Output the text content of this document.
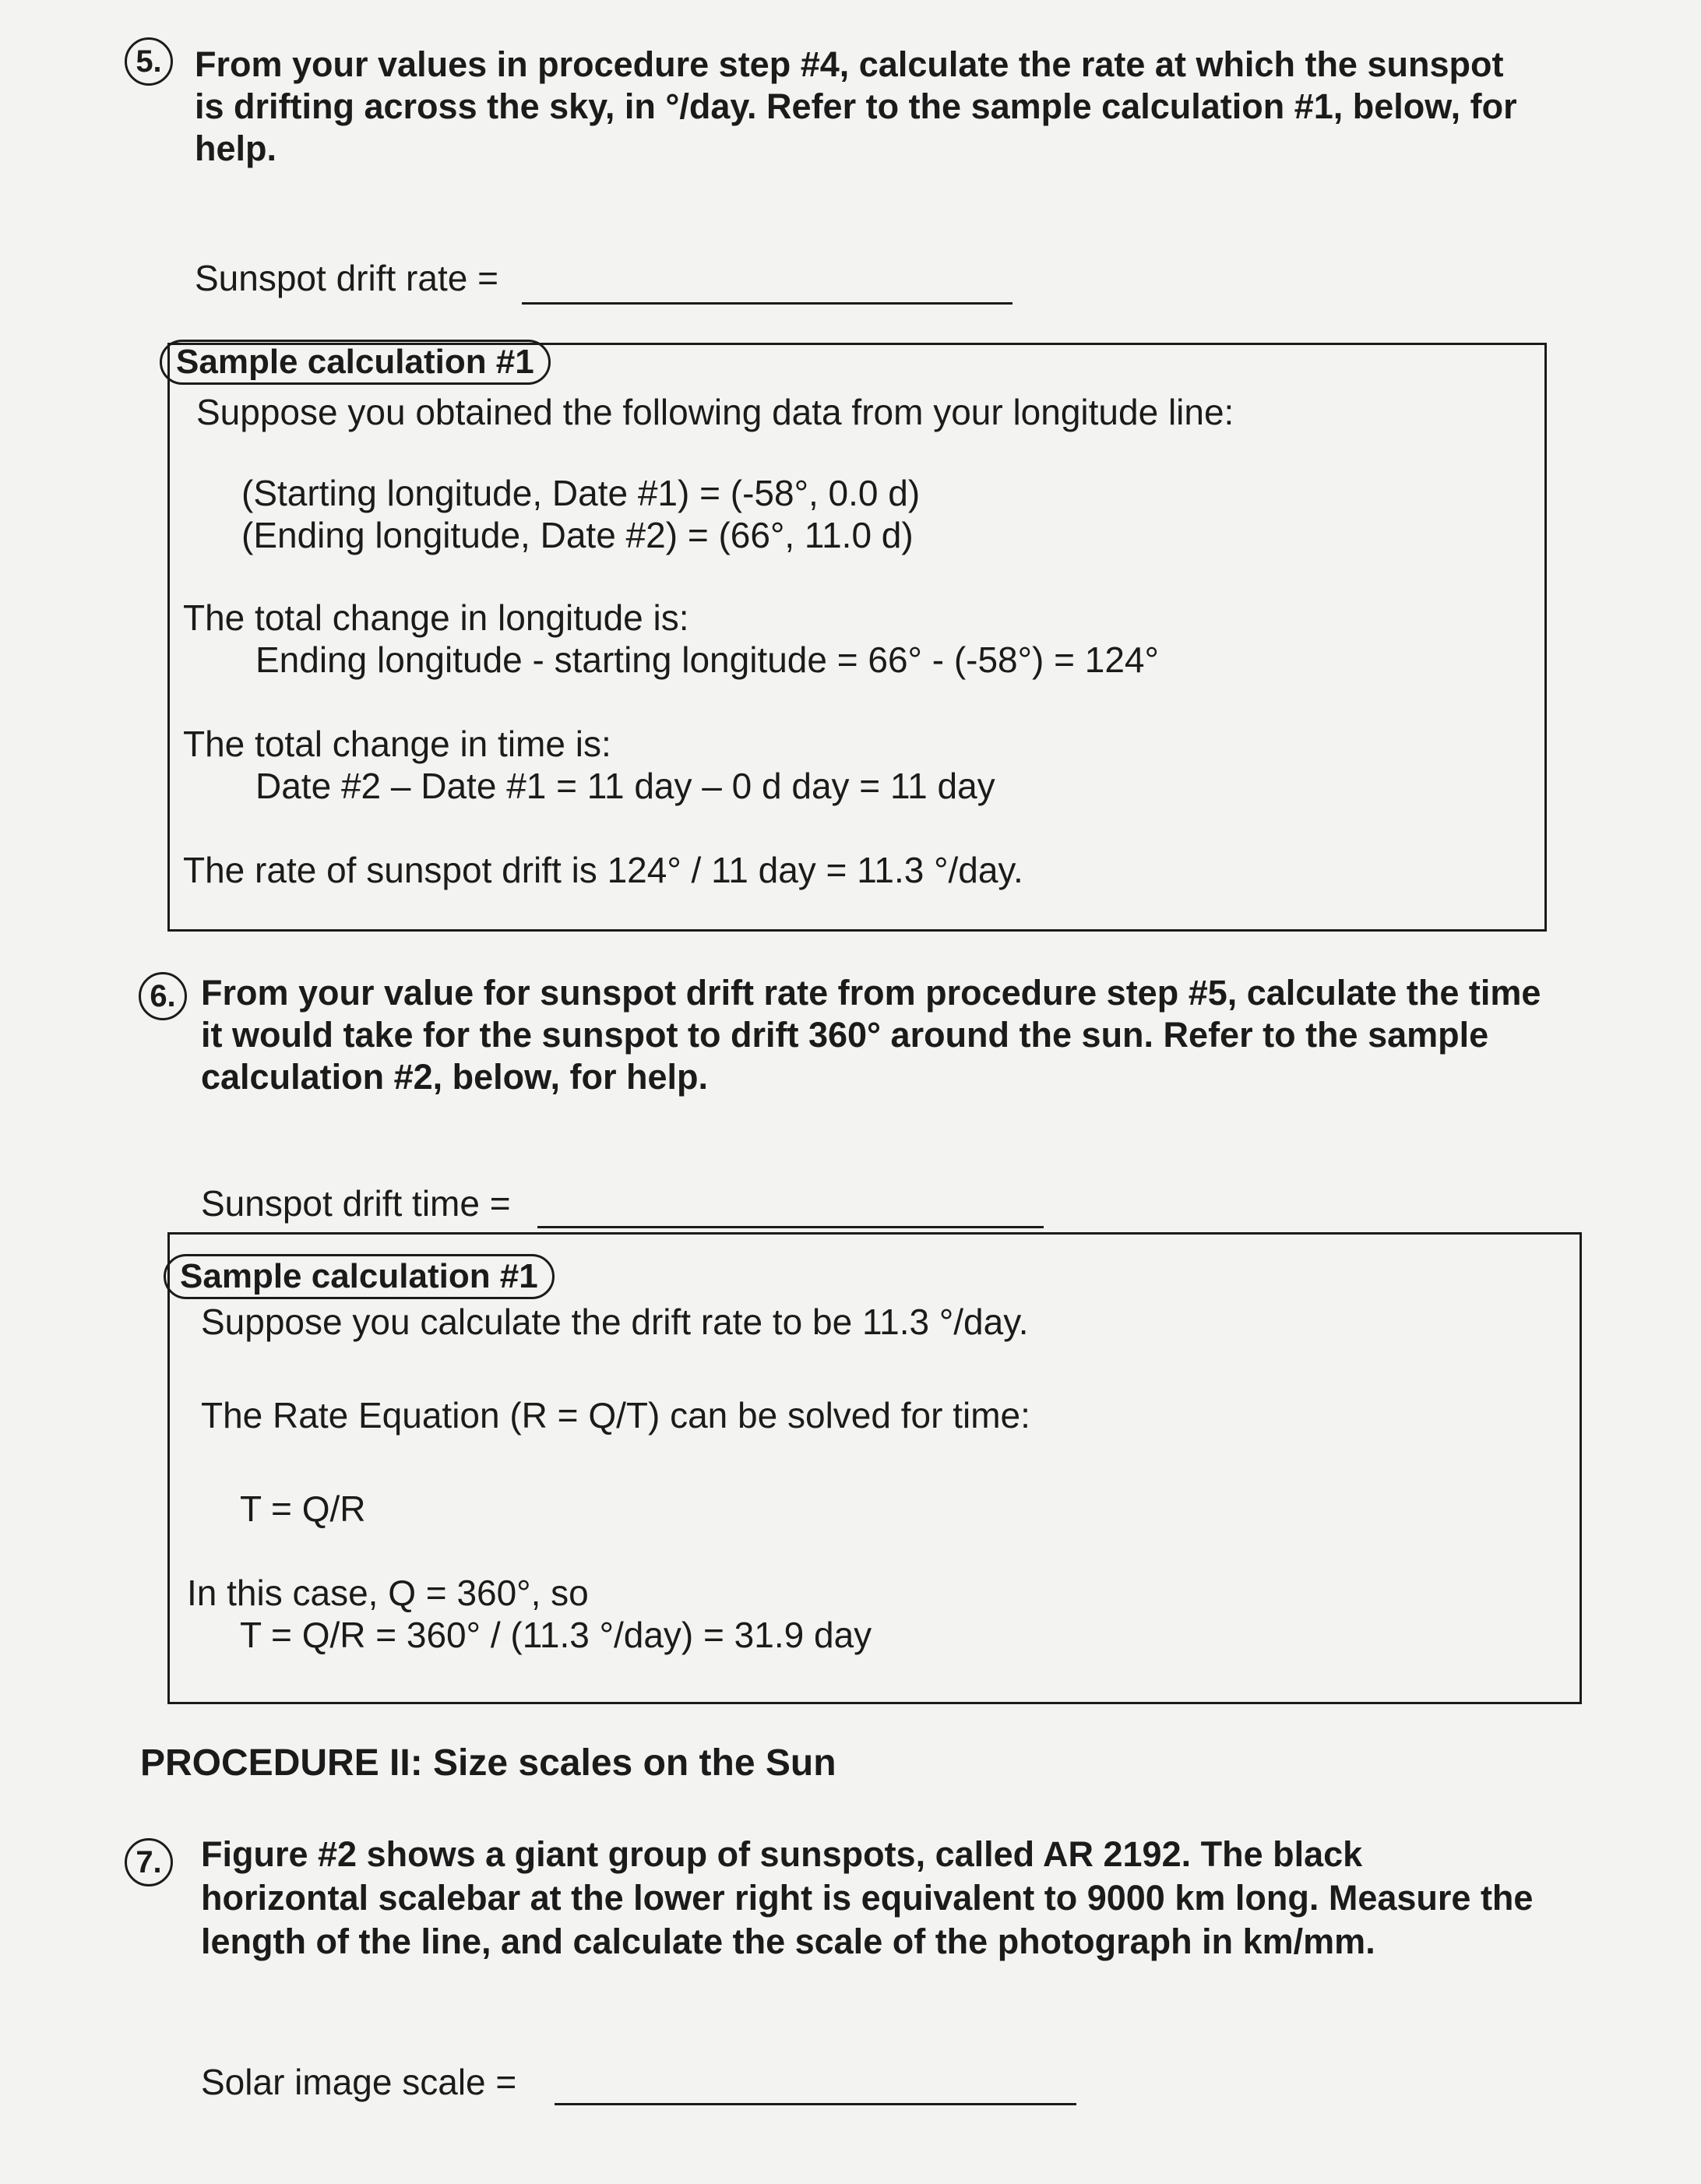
5. From your values in procedure step #4, calculate the rate at which the sunspot
is drifting across the sky, in °/day. Refer to the sample calculation #1, below, for
help.
Sunspot drift rate =
Sample calculation #1
Suppose you obtained the following data from your longitude line:
(Starting longitude, Date #1) = (-58°, 0.0 d)
(Ending longitude, Date #2) = (66°, 11.0 d)
The total change in longitude is:
Ending longitude - starting longitude = 66° - (-58°) = 124°
The total change in time is:
Date #2 – Date #1 = 11 day – 0 d day = 11 day
The rate of sunspot drift is 124° / 11 day = 11.3 °/day.
6. From your value for sunspot drift rate from procedure step #5, calculate the time
it would take for the sunspot to drift 360° around the sun. Refer to the sample
calculation #2, below, for help.
Sunspot drift time =
Sample calculation #1
Suppose you calculate the drift rate to be 11.3 °/day.
The Rate Equation (R = Q/T) can be solved for time:
T = Q/R
In this case, Q = 360°, so
T = Q/R = 360° / (11.3 °/day) = 31.9 day
PROCEDURE II: Size scales on the Sun
7.	Figure #2 shows a giant group of sunspots, called AR 2192. The black
horizontal scalebar at the lower right is equivalent to 9000 km long. Measure the
length of the line, and calculate the scale of the photograph in km/mm.
Solar image scale =
